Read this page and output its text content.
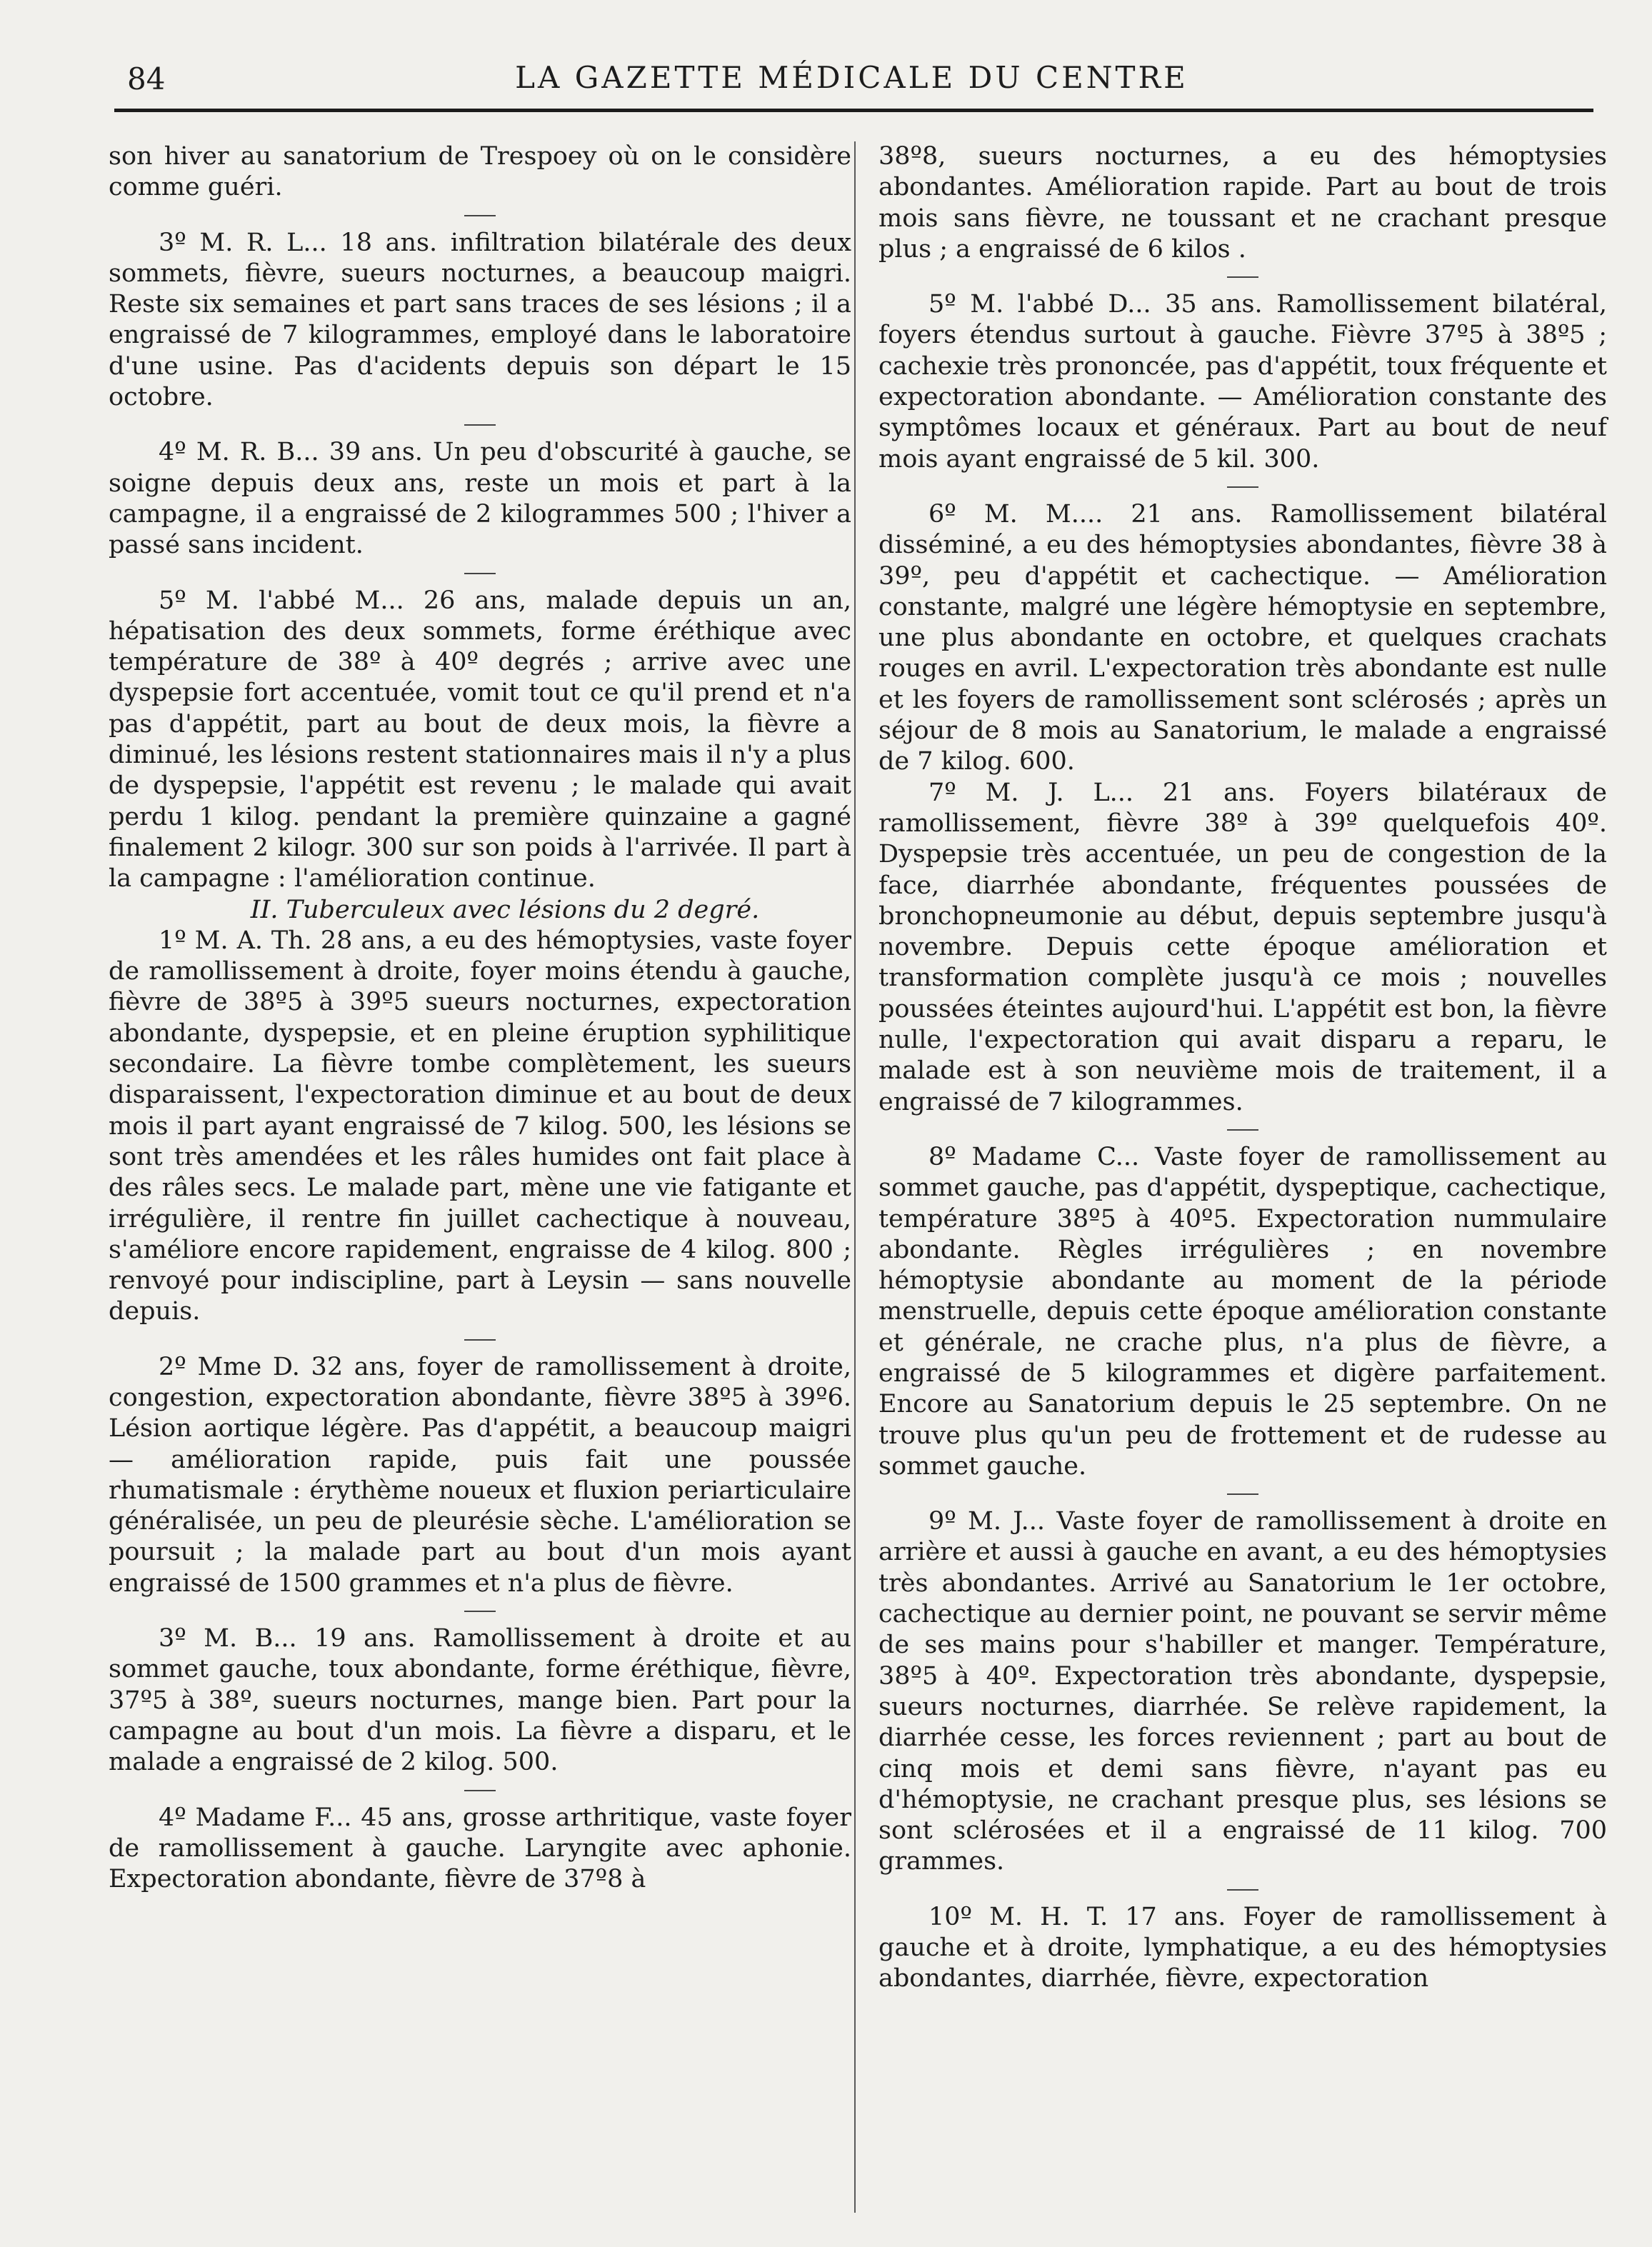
84	LA GAZETTE MÉDICALE DU CENTRE

son hiver au sanatorium de Trespoey où on le considère comme guéri.

3º M. R. L... 18 ans. infiltration bilatérale des deux sommets, fièvre, sueurs nocturnes, a beaucoup maigri. Reste six semaines et part sans traces de ses lésions ; il a engraissé de 7 kilogrammes, employé dans le laboratoire d'une usine. Pas d'acidents depuis son départ le 15 octobre.

4º M. R. B... 39 ans. Un peu d'obscurité à gauche, se soigne depuis deux ans, reste un mois et part à la campagne, il a engraissé de 2 kilogrammes 500 ; l'hiver a passé sans incident.

5º M. l'abbé M... 26 ans, malade depuis un an, hépatisation des deux sommets, forme éréthique avec température de 38º à 40º degrés ; arrive avec une dyspepsie fort accentuée, vomit tout ce qu'il prend et n'a pas d'appétit, part au bout de deux mois, la fièvre a diminué, les lésions restent stationnaires mais il n'y a plus de dyspepsie, l'appétit est revenu ; le malade qui avait perdu 1 kilog. pendant la première quinzaine a gagné finalement 2 kilogr. 300 sur son poids à l'arrivée. Il part à la campagne : l'amélioration continue.

II. Tuberculeux avec lésions du 2 degré.

1º M. A. Th. 28 ans, a eu des hémoptysies, vaste foyer de ramollissement à droite, foyer moins étendu à gauche, fièvre de 38º5 à 39º5 sueurs nocturnes, expectoration abondante, dyspepsie, et en pleine éruption syphilitique secondaire. La fièvre tombe complètement, les sueurs disparaissent, l'expectoration diminue et au bout de deux mois il part ayant engraissé de 7 kilog. 500, les lésions se sont très amendées et les râles humides ont fait place à des râles secs. Le malade part, mène une vie fatigante et irrégulière, il rentre fin juillet cachectique à nouveau, s'améliore encore rapidement, engraisse de 4 kilog. 800 ; renvoyé pour indiscipline, part à Leysin — sans nouvelle depuis.

2º Mme D. 32 ans, foyer de ramollissement à droite, congestion, expectoration abondante, fièvre 38º5 à 39º6. Lésion aortique légère. Pas d'appétit, a beaucoup maigri — amélioration rapide, puis fait une poussée rhumatismale : érythème noueux et fluxion periarticulaire généralisée, un peu de pleurésie sèche. L'amélioration se poursuit ; la malade part au bout d'un mois ayant engraissé de 1500 grammes et n'a plus de fièvre.

3º M. B... 19 ans. Ramollissement à droite et au sommet gauche, toux abondante, forme éréthique, fièvre, 37º5 à 38º, sueurs nocturnes, mange bien. Part pour la campagne au bout d'un mois. La fièvre a disparu, et le malade a engraissé de 2 kilog. 500.

4º Madame F... 45 ans, grosse arthritique, vaste foyer de ramollissement à gauche. Laryngite avec aphonie. Expectoration abondante, fièvre de 37º8 à

38º8, sueurs nocturnes, a eu des hémoptysies abondantes. Amélioration rapide. Part au bout de trois mois sans fièvre, ne toussant et ne crachant presque plus ; a engraissé de 6 kilos .

5º M. l'abbé D... 35 ans. Ramollissement bilatéral, foyers étendus surtout à gauche. Fièvre 37º5 à 38º5 ; cachexie très prononcée, pas d'appétit, toux fréquente et expectoration abondante. — Amélioration constante des symptômes locaux et généraux. Part au bout de neuf mois ayant engraissé de 5 kil. 300.

6º M. M.... 21 ans. Ramollissement bilatéral disséminé, a eu des hémoptysies abondantes, fièvre 38 à 39º, peu d'appétit et cachectique. — Amélioration constante, malgré une légère hémoptysie en septembre, une plus abondante en octobre, et quelques crachats rouges en avril. L'expectoration très abondante est nulle et les foyers de ramollissement sont sclérosés ; après un séjour de 8 mois au Sanatorium, le malade a engraissé de 7 kilog. 600.

7º M. J. L... 21 ans. Foyers bilatéraux de ramollissement, fièvre 38º à 39º quelquefois 40º. Dyspepsie très accentuée, un peu de congestion de la face, diarrhée abondante, fréquentes poussées de bronchopneumonie au début, depuis septembre jusqu'à novembre. Depuis cette époque amélioration et transformation complète jusqu'à ce mois ; nouvelles poussées éteintes aujourd'hui. L'appétit est bon, la fièvre nulle, l'expectoration qui avait disparu a reparu, le malade est à son neuvième mois de traitement, il a engraissé de 7 kilogrammes.

8º Madame C... Vaste foyer de ramollissement au sommet gauche, pas d'appétit, dyspeptique, cachectique, température 38º5 à 40º5. Expectoration nummulaire abondante. Règles irrégulières ; en novembre hémoptysie abondante au moment de la période menstruelle, depuis cette époque amélioration constante et générale, ne crache plus, n'a plus de fièvre, a engraissé de 5 kilogrammes et digère parfaitement. Encore au Sanatorium depuis le 25 septembre. On ne trouve plus qu'un peu de frottement et de rudesse au sommet gauche.

9º M. J... Vaste foyer de ramollissement à droite en arrière et aussi à gauche en avant, a eu des hémoptysies très abondantes. Arrivé au Sanatorium le 1er octobre, cachectique au dernier point, ne pouvant se servir même de ses mains pour s'habiller et manger. Température, 38º5 à 40º. Expectoration très abondante, dyspepsie, sueurs nocturnes, diarrhée. Se relève rapidement, la diarrhée cesse, les forces reviennent ; part au bout de cinq mois et demi sans fièvre, n'ayant pas eu d'hémoptysie, ne crachant presque plus, ses lésions se sont sclérosées et il a engraissé de 11 kilog. 700 grammes.

10º M. H. T. 17 ans. Foyer de ramollissement à gauche et à droite, lymphatique, a eu des hémoptysies abondantes, diarrhée, fièvre, expectoration
